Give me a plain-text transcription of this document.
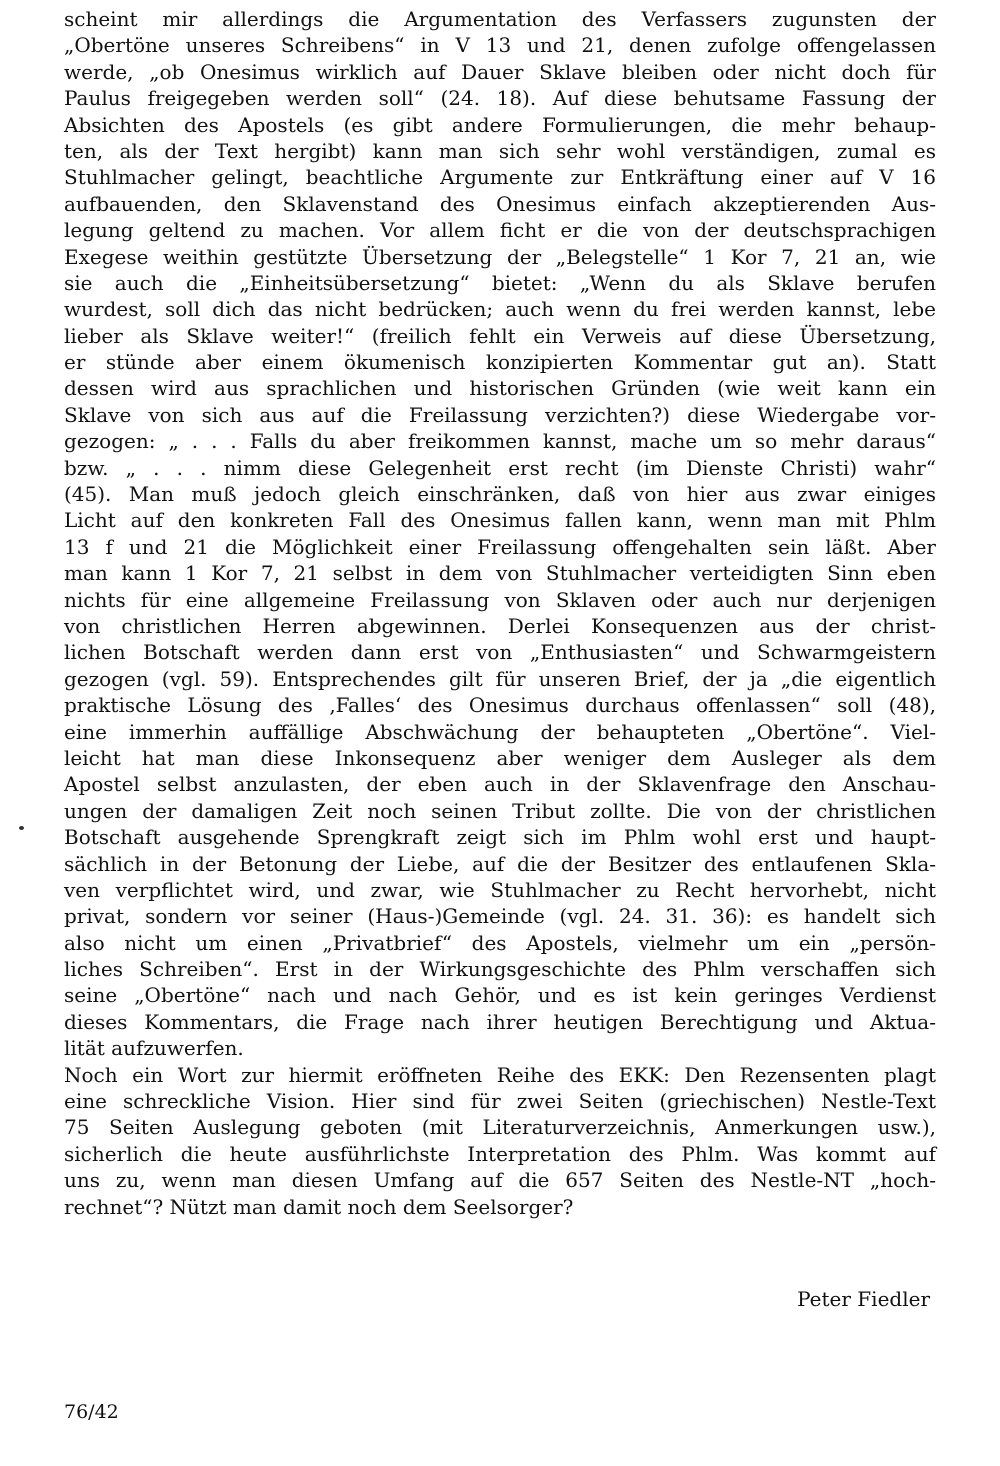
scheint mir allerdings die Argumentation des Verfassers zugunsten der
„Obertöne unseres Schreibens“ in V 13 und 21, denen zufolge offengelassen
werde, „ob Onesimus wirklich auf Dauer Sklave bleiben oder nicht doch für
Paulus freigegeben werden soll“ (24. 18). Auf diese behutsame Fassung der
Absichten des Apostels (es gibt andere Formulierungen, die mehr behaup-
ten, als der Text hergibt) kann man sich sehr wohl verständigen, zumal es
Stuhlmacher gelingt, beachtliche Argumente zur Entkräftung einer auf V 16
aufbauenden, den Sklavenstand des Onesimus einfach akzeptierenden Aus-
legung geltend zu machen. Vor allem ficht er die von der deutschsprachigen
Exegese weithin gestützte Übersetzung der „Belegstelle“ 1 Kor 7, 21 an, wie
sie auch die „Einheitsübersetzung“ bietet: „Wenn du als Sklave berufen
wurdest, soll dich das nicht bedrücken; auch wenn du frei werden kannst, lebe
lieber als Sklave weiter!“ (freilich fehlt ein Verweis auf diese Übersetzung,
er stünde aber einem ökumenisch konzipierten Kommentar gut an). Statt
dessen wird aus sprachlichen und historischen Gründen (wie weit kann ein
Sklave von sich aus auf die Freilassung verzichten?) diese Wiedergabe vor-
gezogen: „ . . . Falls du aber freikommen kannst, mache um so mehr daraus“
bzw. „ . . . nimm diese Gelegenheit erst recht (im Dienste Christi) wahr“
(45). Man muß jedoch gleich einschränken, daß von hier aus zwar einiges
Licht auf den konkreten Fall des Onesimus fallen kann, wenn man mit Phlm
13 f und 21 die Möglichkeit einer Freilassung offengehalten sein läßt. Aber
man kann 1 Kor 7, 21 selbst in dem von Stuhlmacher verteidigten Sinn eben
nichts für eine allgemeine Freilassung von Sklaven oder auch nur derjenigen
von christlichen Herren abgewinnen. Derlei Konsequenzen aus der christ-
lichen Botschaft werden dann erst von „Enthusiasten“ und Schwarmgeistern
gezogen (vgl. 59). Entsprechendes gilt für unseren Brief, der ja „die eigentlich
praktische Lösung des ‚Falles‘ des Onesimus durchaus offenlassen“ soll (48),
eine immerhin auffällige Abschwächung der behaupteten „Obertöne“. Viel-
leicht hat man diese Inkonsequenz aber weniger dem Ausleger als dem
Apostel selbst anzulasten, der eben auch in der Sklavenfrage den Anschau-
ungen der damaligen Zeit noch seinen Tribut zollte. Die von der christlichen
Botschaft ausgehende Sprengkraft zeigt sich im Phlm wohl erst und haupt-
sächlich in der Betonung der Liebe, auf die der Besitzer des entlaufenen Skla-
ven verpflichtet wird, und zwar, wie Stuhlmacher zu Recht hervorhebt, nicht
privat, sondern vor seiner (Haus-)Gemeinde (vgl. 24. 31. 36): es handelt sich
also nicht um einen „Privatbrief“ des Apostels, vielmehr um ein „persön-
liches Schreiben“. Erst in der Wirkungsgeschichte des Phlm verschaffen sich
seine „Obertöne“ nach und nach Gehör, und es ist kein geringes Verdienst
dieses Kommentars, die Frage nach ihrer heutigen Berechtigung und Aktua-
lität aufzuwerfen.
Noch ein Wort zur hiermit eröffneten Reihe des EKK: Den Rezensenten plagt
eine schreckliche Vision. Hier sind für zwei Seiten (griechischen) Nestle-Text
75 Seiten Auslegung geboten (mit Literaturverzeichnis, Anmerkungen usw.),
sicherlich die heute ausführlichste Interpretation des Phlm. Was kommt auf
uns zu, wenn man diesen Umfang auf die 657 Seiten des Nestle-NT „hoch-
rechnet“? Nützt man damit noch dem Seelsorger?
Peter Fiedler
76/42
